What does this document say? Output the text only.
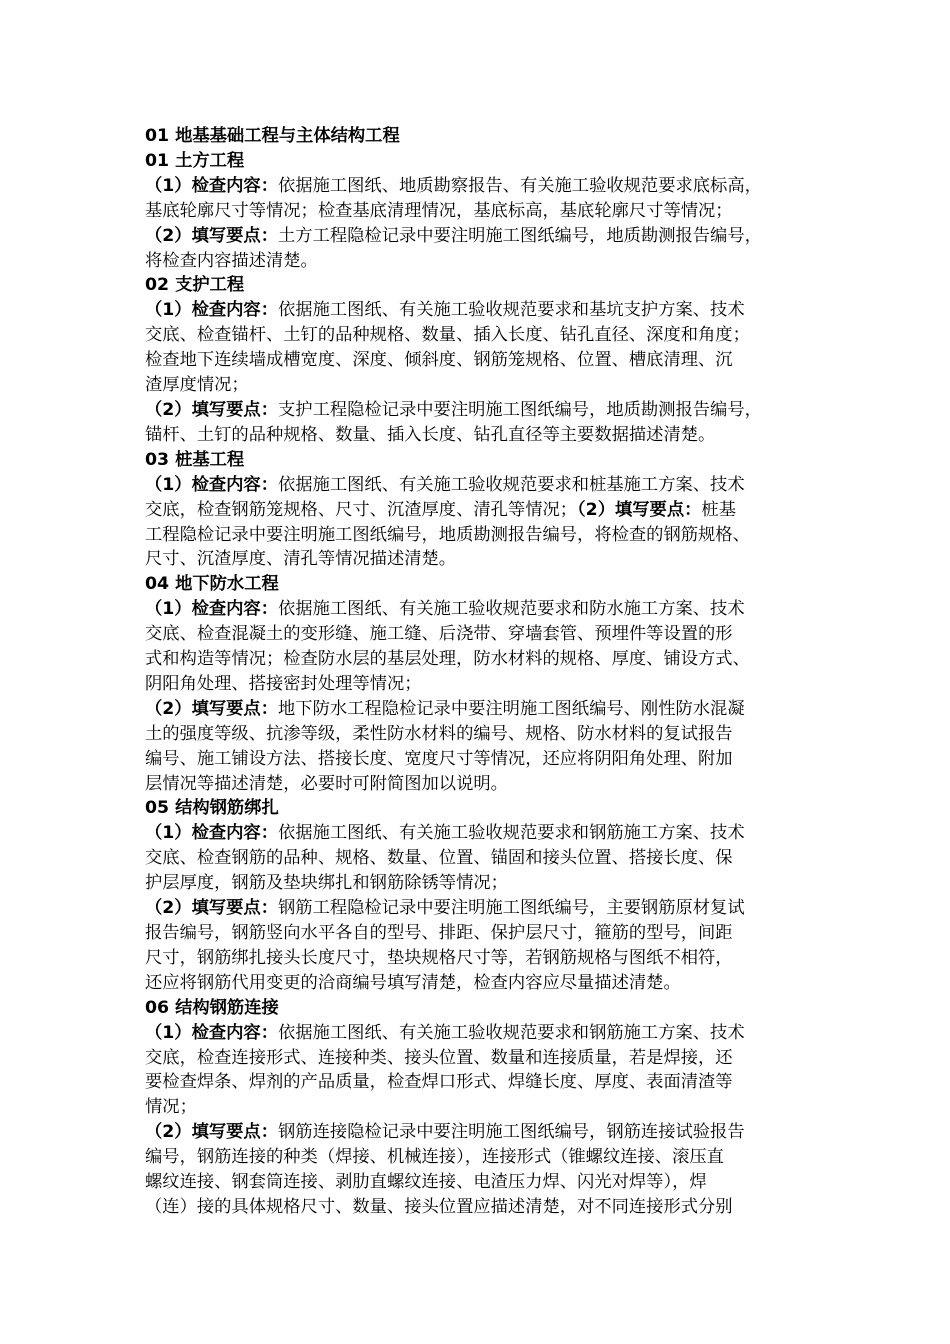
01 地基基础工程与主体结构工程

01 土方工程

（1）检查内容：依据施工图纸、地质勘察报告、有关施工验收规范要求底标高，

基底轮廓尺寸等情况；检查基底清理情况，基底标高，基底轮廓尺寸等情况；

（2）填写要点：土方工程隐检记录中要注明施工图纸编号，地质勘测报告编号，

将检查内容描述清楚。

02 支护工程

（1）检查内容：依据施工图纸、有关施工验收规范要求和基坑支护方案、技术

交底、检查锚杆、土钉的品种规格、数量、插入长度、钻孔直径、深度和角度；

检查地下连续墙成槽宽度、深度、倾斜度、钢筋笼规格、位置、槽底清理、沉

渣厚度情况；

（2）填写要点：支护工程隐检记录中要注明施工图纸编号，地质勘测报告编号，

锚杆、土钉的品种规格、数量、插入长度、钻孔直径等主要数据描述清楚。

03 桩基工程

（1）检查内容：依据施工图纸、有关施工验收规范要求和桩基施工方案、技术

交底，检查钢筋笼规格、尺寸、沉渣厚度、清孔等情况；（2）填写要点：桩基

工程隐检记录中要注明施工图纸编号，地质勘测报告编号，将检查的钢筋规格、

尺寸、沉渣厚度、清孔等情况描述清楚。

04 地下防水工程

（1）检查内容：依据施工图纸、有关施工验收规范要求和防水施工方案、技术

交底、检查混凝土的变形缝、施工缝、后浇带、穿墙套管、预埋件等设置的形

式和构造等情况；检查防水层的基层处理，防水材料的规格、厚度、铺设方式、

阴阳角处理、搭接密封处理等情况；

（2）填写要点：地下防水工程隐检记录中要注明施工图纸编号、刚性防水混凝

土的强度等级、抗渗等级，柔性防水材料的编号、规格、防水材料的复试报告

编号、施工铺设方法、搭接长度、宽度尺寸等情况，还应将阴阳角处理、附加

层情况等描述清楚，必要时可附简图加以说明。

05 结构钢筋绑扎

（1）检查内容：依据施工图纸、有关施工验收规范要求和钢筋施工方案、技术

交底、检查钢筋的品种、规格、数量、位置、锚固和接头位置、搭接长度、保

护层厚度，钢筋及垫块绑扎和钢筋除锈等情况；

（2）填写要点：钢筋工程隐检记录中要注明施工图纸编号，主要钢筋原材复试

报告编号，钢筋竖向水平各自的型号、排距、保护层尺寸，箍筋的型号，间距

尺寸，钢筋绑扎接头长度尺寸，垫块规格尺寸等，若钢筋规格与图纸不相符，

还应将钢筋代用变更的洽商编号填写清楚，检查内容应尽量描述清楚。

06 结构钢筋连接

（1）检查内容：依据施工图纸、有关施工验收规范要求和钢筋施工方案、技术

交底，检查连接形式、连接种类、接头位置、数量和连接质量，若是焊接，还

要检查焊条、焊剂的产品质量，检查焊口形式、焊缝长度、厚度、表面清渣等

情况；

（2）填写要点：钢筋连接隐检记录中要注明施工图纸编号，钢筋连接试验报告

编号，钢筋连接的种类（焊接、机械连接），连接形式（锥螺纹连接、滚压直

螺纹连接、钢套筒连接、剥肋直螺纹连接、电渣压力焊、闪光对焊等），焊

（连）接的具体规格尺寸、数量、接头位置应描述清楚，对不同连接形式分别
